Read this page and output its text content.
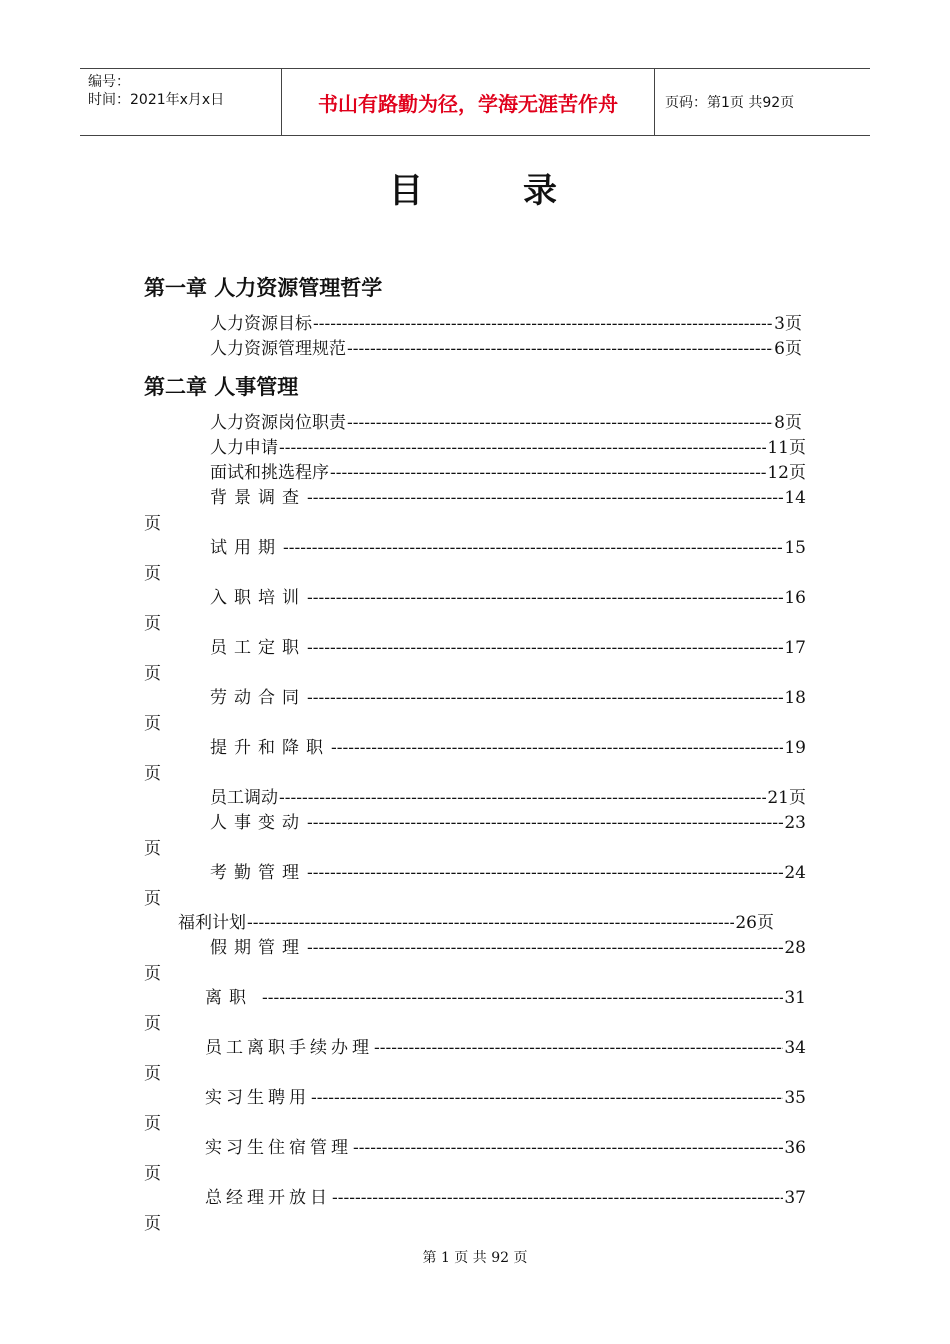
编号：
时间：2021年x月x日	书山有路勤为径，学海无涯苦作舟	页码：第1页 共92页
目	录
第一章 人力资源管理哲学
人力资源目标 -----	3页
人力资源管理规范 -----	6页
第二章 人事管理
人力资源岗位职责 -----	8页
人力申请 -----	11页
面试和挑选程序 -----	12页
背景调查 -----	14
页
试用期 -----	15
页
入职培训 -----	16
页
员工定职 -----	17
页
劳动合同 -----	18
页
提升和降职 -----	19
页
员工调动 -----	21页
人事变动 -----	23
页
考勤管理 -----	24
页
福利计划 -----	26页
假期管理 -----	28
页
离职 -----	31
页
员工离职手续办理 -----	34
页
实习生聘用 -----	35
页
实习生住宿管理 -----	36
页
总经理开放日 -----	37
页
第 1 页 共 92 页
